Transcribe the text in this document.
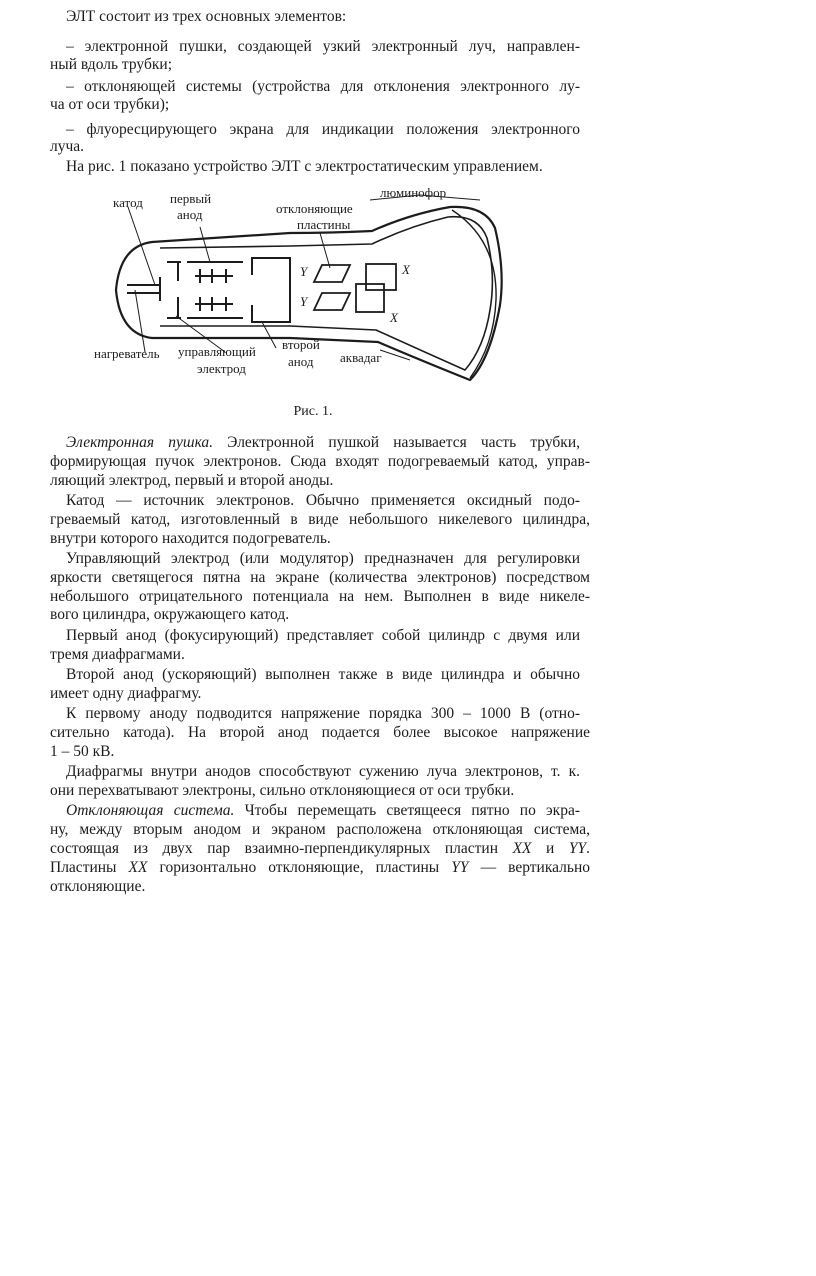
ЭЛТ состоит из трех основных элементов:
– электронной пушки, создающей узкий электронный луч, направлен-
ный вдоль трубки;
– отклоняющей системы (устройства для отклонения электронного лу-
ча от оси трубки);
– флуоресцирующего экрана для индикации положения электронного
луча.
На рис. 1 показано устройство ЭЛТ с электростатическим управлением.
катод первый
анод	отклоняющие
пластины
люминофор
нагреватель управляющий
электрод
второй
анод аквадаг
Y
Y
X
X
Рис. 1.
Электронная пушка. Электронной пушкой называется часть трубки,
формирующая пучок электронов. Сюда входят подогреваемый катод, управ-
ляющий электрод, первый и второй аноды.
Катод — источник электронов. Обычно применяется оксидный подо-
греваемый катод, изготовленный в виде небольшого никелевого цилиндра,
внутри которого находится подогреватель.
Управляющий электрод (или модулятор) предназначен для регулировки
яркости светящегося пятна на экране (количества электронов) посредством
небольшого отрицательного потенциала на нем. Выполнен в виде никеле-
вого цилиндра, окружающего катод.
Первый анод (фокусирующий) представляет собой цилиндр с двумя или
тремя диафрагмами.
Второй анод (ускоряющий) выполнен также в виде цилиндра и обычно
имеет одну диафрагму.
К первому аноду подводится напряжение порядка 300 – 1000 В (отно-
сительно катода). На второй анод подается более высокое напряжение
1 – 50 кВ.
Диафрагмы внутри анодов способствуют сужению луча электронов, т. к.
они перехватывают электроны, сильно отклоняющиеся от оси трубки.
Отклоняющая система. Чтобы перемещать светящееся пятно по экра-
ну, между вторым анодом и экраном расположена отклоняющая система,
состоящая из двух пар взаимно-перпендикулярных пластин XX и YY.
Пластины XX горизонтально отклоняющие, пластины YY — вертикально
отклоняющие.
